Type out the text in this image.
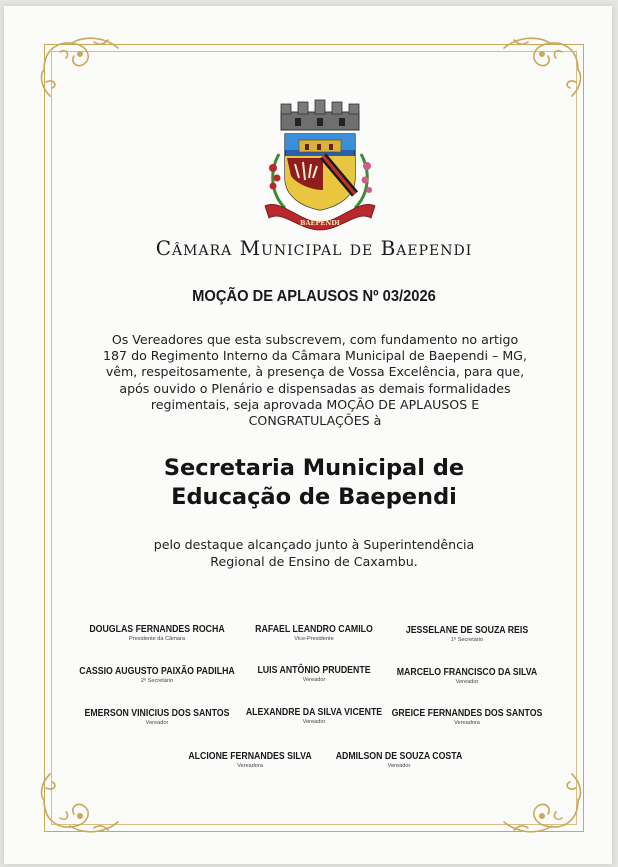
BAEPENDI
Câmara Municipal de Baependi
MOÇÃO DE APLAUSOS Nº 03/2026
Os Vereadores que esta subscrevem, com fundamento no artigo
187 do Regimento Interno da Câmara Municipal de Baependi – MG,
vêm, respeitosamente, à presença de Vossa Excelência, para que,
após ouvido o Plenário e dispensadas as demais formalidades
regimentais, seja aprovada MOÇÃO DE APLAUSOS E
CONGRATULAÇÕES à
Secretaria Municipal de
Educação de Baependi
pelo destaque alcançado junto à Superintendência
Regional de Ensino de Caxambu.
DOUGLAS FERNANDES ROCHA
Presidente da Câmara
RAFAEL LEANDRO CAMILO
Vice-Presidente
JESSELANE DE SOUZA REIS
1º Secretário
CASSIO AUGUSTO PAIXÃO PADILHA
2º Secretário
LUIS ANTÔNIO PRUDENTE
Vereador
MARCELO FRANCISCO DA SILVA
Vereador
EMERSON VINICIUS DOS SANTOS
Vereador
ALEXANDRE DA SILVA VICENTE
Vereador
GREICE FERNANDES DOS SANTOS
Vereadora
ALCIONE FERNANDES SILVA
Vereadora
ADMILSON DE SOUZA COSTA
Vereador
